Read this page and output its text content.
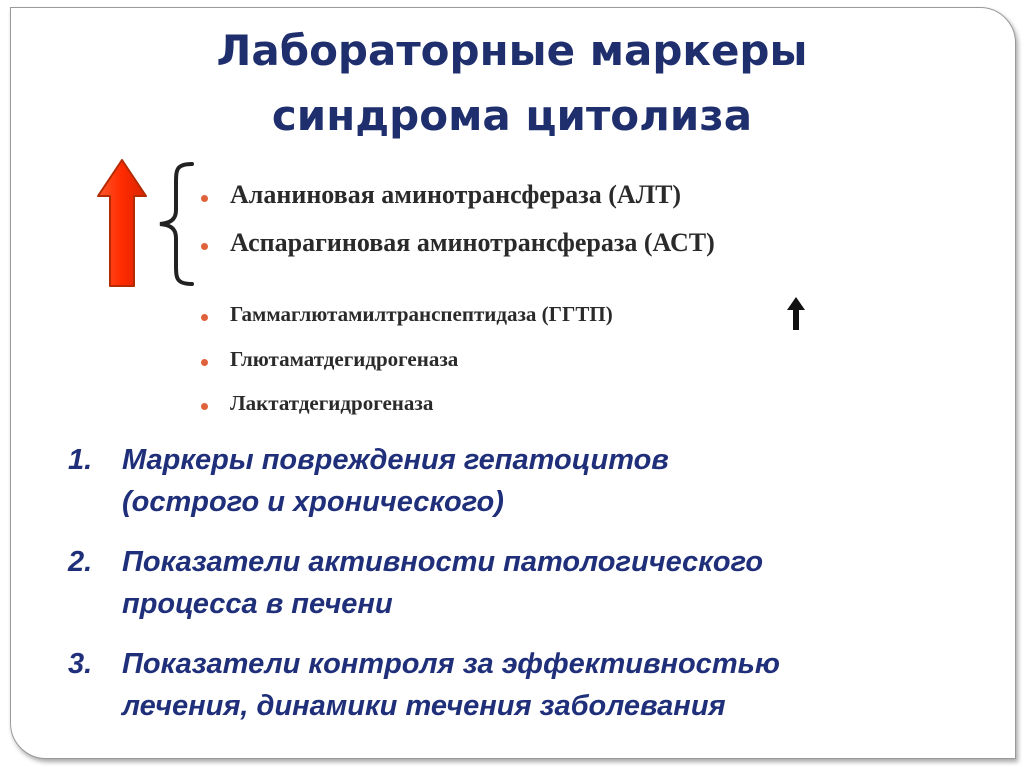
Лабораторные маркеры
синдрома цитолиза
Аланиновая аминотрансфераза (АЛТ)
Аспарагиновая аминотрансфераза (АСТ)
Гаммаглютамилтранспептидаза (ГГТП)
Глютаматдегидрогеназа
Лактатдегидрогеназа
1.	Маркеры повреждения гепатоцитов
(острого и хронического)
2.	Показатели активности патологического
процесса в печени
3.	Показатели контроля за эффективностью
лечения, динамики течения заболевания
